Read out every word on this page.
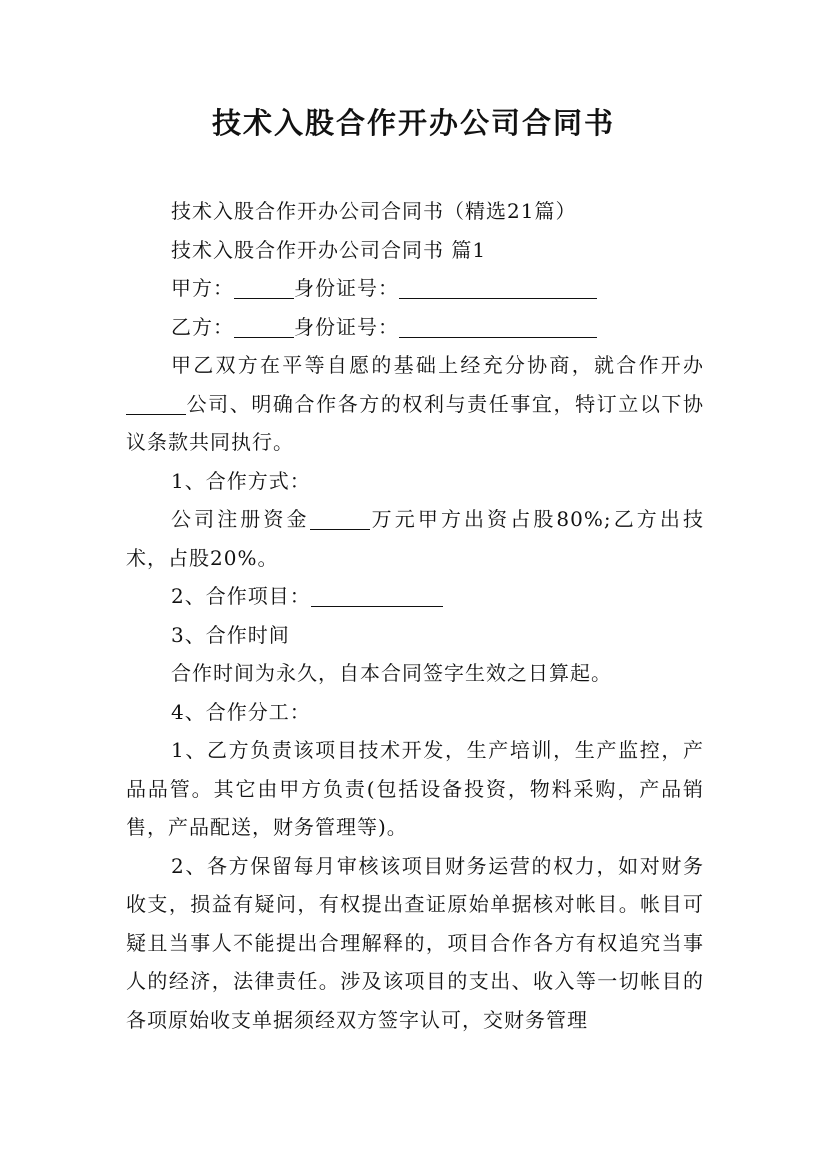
技术入股合作开办公司合同书
技术入股合作开办公司合同书（精选21篇）
技术入股合作开办公司合同书 篇1
甲方：	身份证号：
乙方：	身份证号：

甲乙双方在平等自愿的基础上经充分协商，就合作开办公司、明确合作各方的权利与责任事宜，特订立以下协议条款共同执行。

1、合作方式：

公司注册资金	万元甲方出资占股80%;乙方出技术，占股20%。

2、合作项目：
3、合作时间
合作时间为永久，自本合同签字生效之日算起。
4、合作分工：

1、乙方负责该项目技术开发，生产培训，生产监控，产品品管。其它由甲方负责(包括设备投资，物料采购，产品销售，产品配送，财务管理等)。

2、各方保留每月审核该项目财务运营的权力，如对财务收支，损益有疑问，有权提出查证原始单据核对帐目。帐目可疑且当事人不能提出合理解释的，项目合作各方有权追究当事人的经济，法律责任。涉及该项目的支出、收入等一切帐目的各项原始收支单据须经双方签字认可，交财务管理
